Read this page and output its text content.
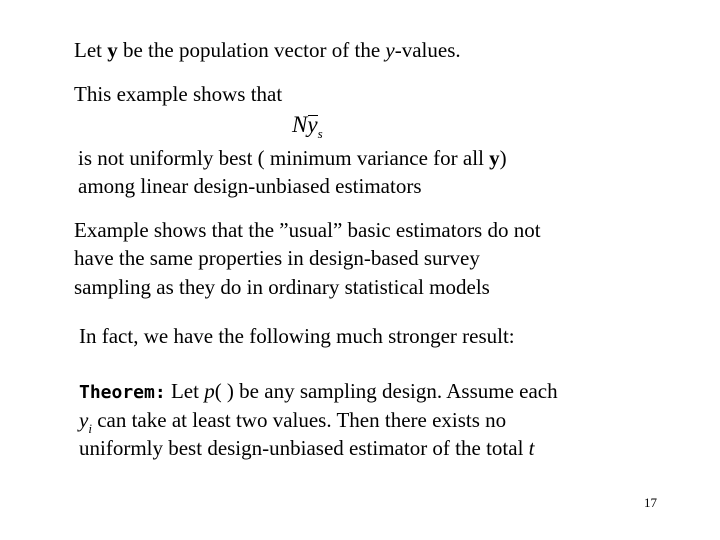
Let y be the population vector of the y-values.
This example shows that
$Ny_s$
is not uniformly best ( minimum variance for all y)
among linear design-unbiased estimators
Example shows that the ”usual” basic estimators do not
have the same properties in design-based survey
sampling as they do in ordinary statistical models
In fact, we have the following much stronger result:
Theorem: Let p( ) be any sampling design. Assume each
$y_i$ can take at least two values. Then there exists no
uniformly best design-unbiased estimator of the total t
17
